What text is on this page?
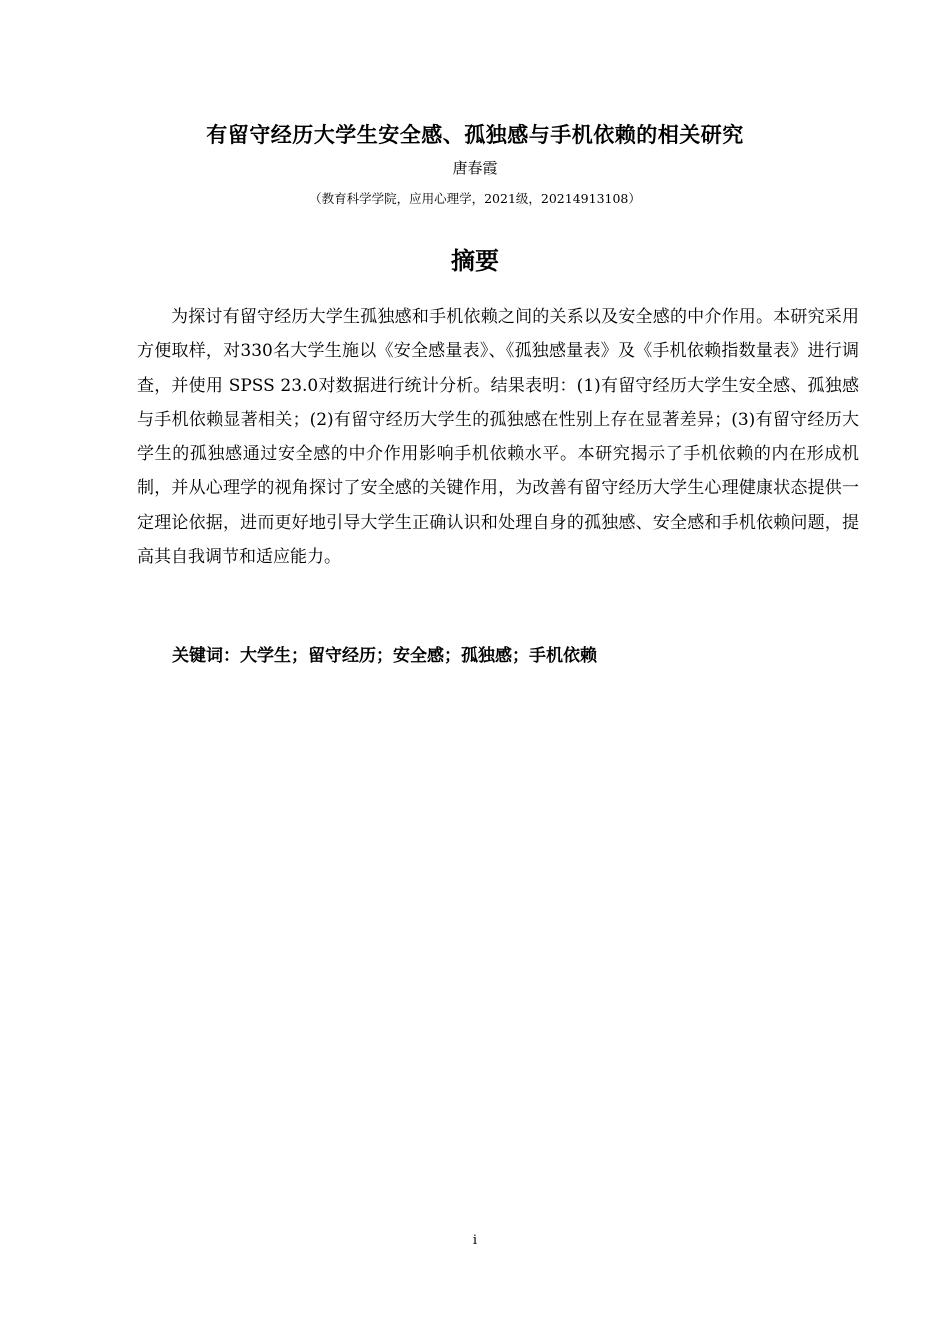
有留守经历大学生安全感、孤独感与手机依赖的相关研究
唐春霞
（教育科学学院，应用心理学，2021级，20214913108）
摘要

为探讨有留守经历大学生孤独感和手机依赖之间的关系以及安全感的中介作用。本研究采用方便取样，对330名大学生施以《安全感量表》、《孤独感量表》及《手机依赖指数量表》进行调查，并使用 SPSS 23.0对数据进行统计分析。结果表明：(1)有留守经历大学生安全感、孤独感与手机依赖显著相关；(2)有留守经历大学生的孤独感在性别上存在显著差异；(3)有留守经历大学生的孤独感通过安全感的中介作用影响手机依赖水平。本研究揭示了手机依赖的内在形成机制，并从心理学的视角探讨了安全感的关键作用，为改善有留守经历大学生心理健康状态提供一定理论依据，进而更好地引导大学生正确认识和处理自身的孤独感、安全感和手机依赖问题，提高其自我调节和适应能力。

关键词：大学生；留守经历；安全感；孤独感；手机依赖
i
